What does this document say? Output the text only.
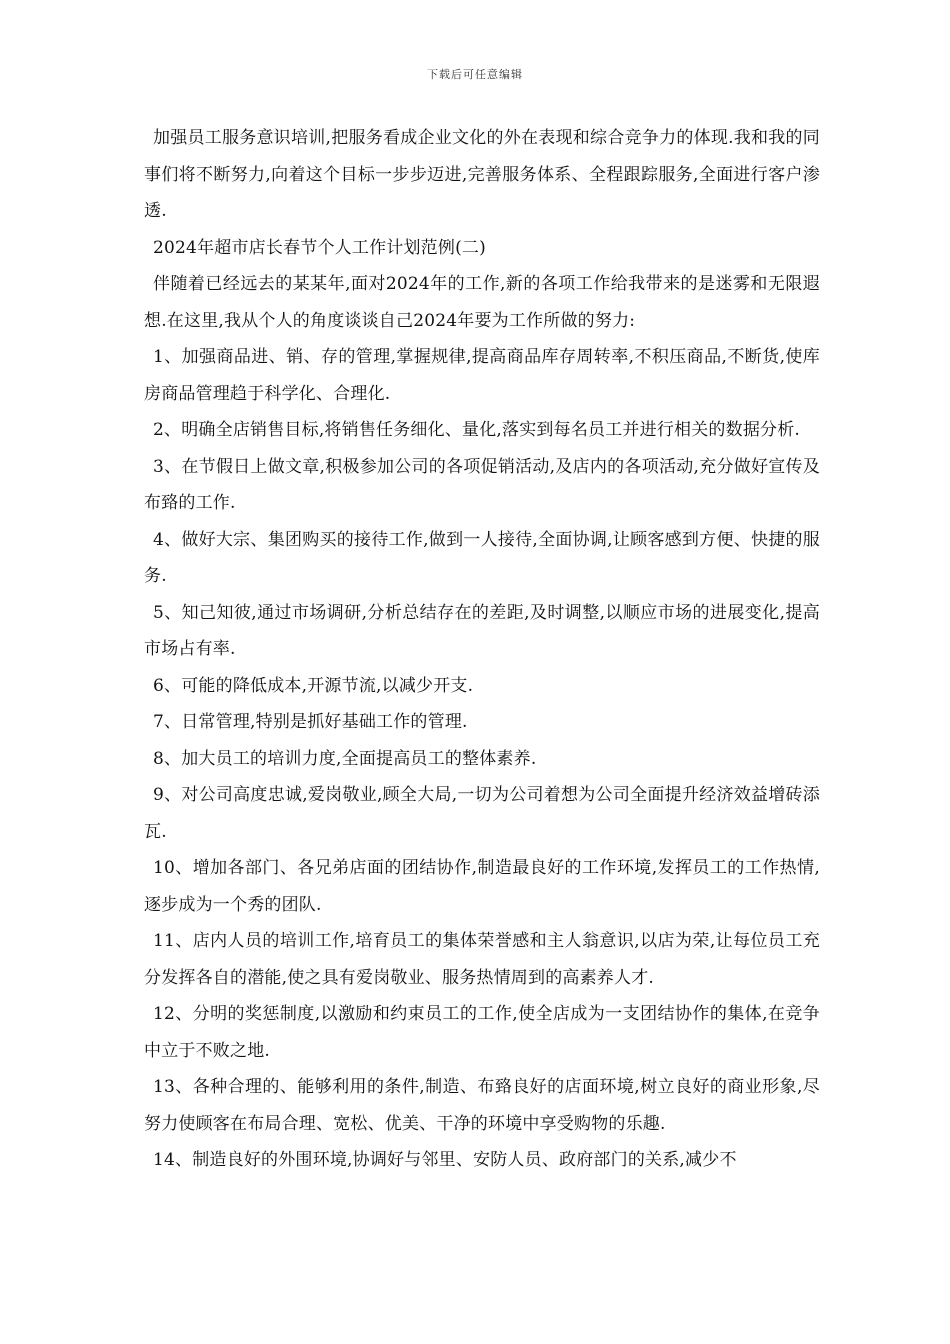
下载后可任意编辑

加强员工服务意识培训,把服务看成企业文化的外在表现和综合竞争力的体现.我和我的同事们将不断努力,向着这个目标一步步迈进,完善服务体系、全程跟踪服务,全面进行客户渗透.

2024年超市店长春节个人工作计划范例(二)

伴随着已经远去的某某年,面对2024年的工作,新的各项工作给我带来的是迷雾和无限遐想.在这里,我从个人的角度谈谈自己2024年要为工作所做的努力:

1、加强商品进、销、存的管理,掌握规律,提高商品库存周转率,不积压商品,不断货,使库房商品管理趋于科学化、合理化.

2、明确全店销售目标,将销售任务细化、量化,落实到每名员工并进行相关的数据分析.

3、在节假日上做文章,积极参加公司的各项促销活动,及店内的各项活动,充分做好宣传及布臵的工作.

4、做好大宗、集团购买的接待工作,做到一人接待,全面协调,让顾客感到方便、快捷的服务.

5、知己知彼,通过市场调研,分析总结存在的差距,及时调整,以顺应市场的进展变化,提高市场占有率.

6、可能的降低成本,开源节流,以减少开支.

7、日常管理,特别是抓好基础工作的管理.

8、加大员工的培训力度,全面提高员工的整体素养.

9、对公司高度忠诚,爱岗敬业,顾全大局,一切为公司着想为公司全面提升经济效益增砖添瓦.

10、增加各部门、各兄弟店面的团结协作,制造最良好的工作环境,发挥员工的工作热情,逐步成为一个秀的团队.

11、店内人员的培训工作,培育员工的集体荣誉感和主人翁意识,以店为荣,让每位员工充分发挥各自的潜能,使之具有爱岗敬业、服务热情周到的高素养人才.

12、分明的奖惩制度,以激励和约束员工的工作,使全店成为一支团结协作的集体,在竞争中立于不败之地.

13、各种合理的、能够利用的条件,制造、布臵良好的店面环境,树立良好的商业形象,尽努力使顾客在布局合理、宽松、优美、干净的环境中享受购物的乐趣.

14、制造良好的外围环境,协调好与邻里、安防人员、政府部门的关系,减少不
